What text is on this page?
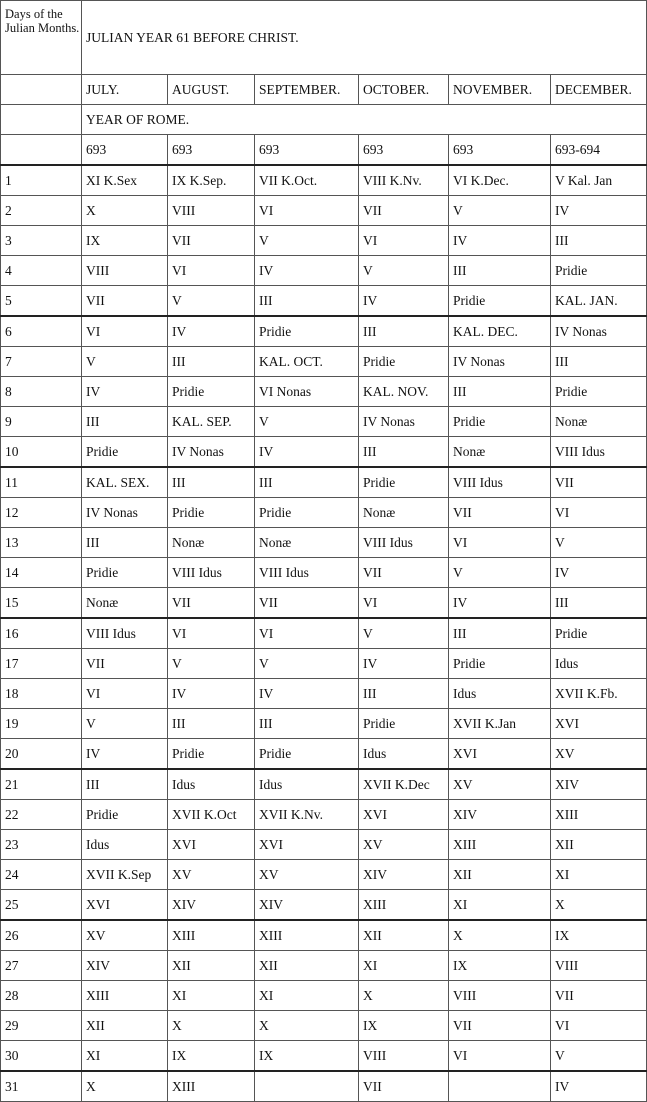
Days of the Julian Months.	JULIAN YEAR 61 BEFORE CHRIST.					
	JULY.	AUGUST.	SEPTEMBER.	OCTOBER.	NOVEMBER.	DECEMBER.
	YEAR OF ROME.					
	693	693	693	693	693	693-694
1	XI K.Sex	IX K.Sep.	VII K.Oct.	VIII K.Nv.	VI K.Dec.	V Kal. Jan
2	X	VIII	VI	VII	V	IV
3	IX	VII	V	VI	IV	III
4	VIII	VI	IV	V	III	Pridie
5	VII	V	III	IV	Pridie	KAL. JAN.
6	VI	IV	Pridie	III	KAL. DEC.	IV Nonas
7	V	III	KAL. OCT.	Pridie	IV Nonas	III
8	IV	Pridie	VI Nonas	KAL. NOV.	III	Pridie
9	III	KAL. SEP.	V	IV Nonas	Pridie	Nonæ
10	Pridie	IV Nonas	IV	III	Nonæ	VIII Idus
11	KAL. SEX.	III	III	Pridie	VIII Idus	VII
12	IV Nonas	Pridie	Pridie	Nonæ	VII	VI
13	III	Nonæ	Nonæ	VIII Idus	VI	V
14	Pridie	VIII Idus	VIII Idus	VII	V	IV
15	Nonæ	VII	VII	VI	IV	III
16	VIII Idus	VI	VI	V	III	Pridie
17	VII	V	V	IV	Pridie	Idus
18	VI	IV	IV	III	Idus	XVII K.Fb.
19	V	III	III	Pridie	XVII K.Jan	XVI
20	IV	Pridie	Pridie	Idus	XVI	XV
21	III	Idus	Idus	XVII K.Dec	XV	XIV
22	Pridie	XVII K.Oct	XVII K.Nv.	XVI	XIV	XIII
23	Idus	XVI	XVI	XV	XIII	XII
24	XVII K.Sep	XV	XV	XIV	XII	XI
25	XVI	XIV	XIV	XIII	XI	X
26	XV	XIII	XIII	XII	X	IX
27	XIV	XII	XII	XI	IX	VIII
28	XIII	XI	XI	X	VIII	VII
29	XII	X	X	IX	VII	VI
30	XI	IX	IX	VIII	VI	V
31	X	XIII		VII		IV
